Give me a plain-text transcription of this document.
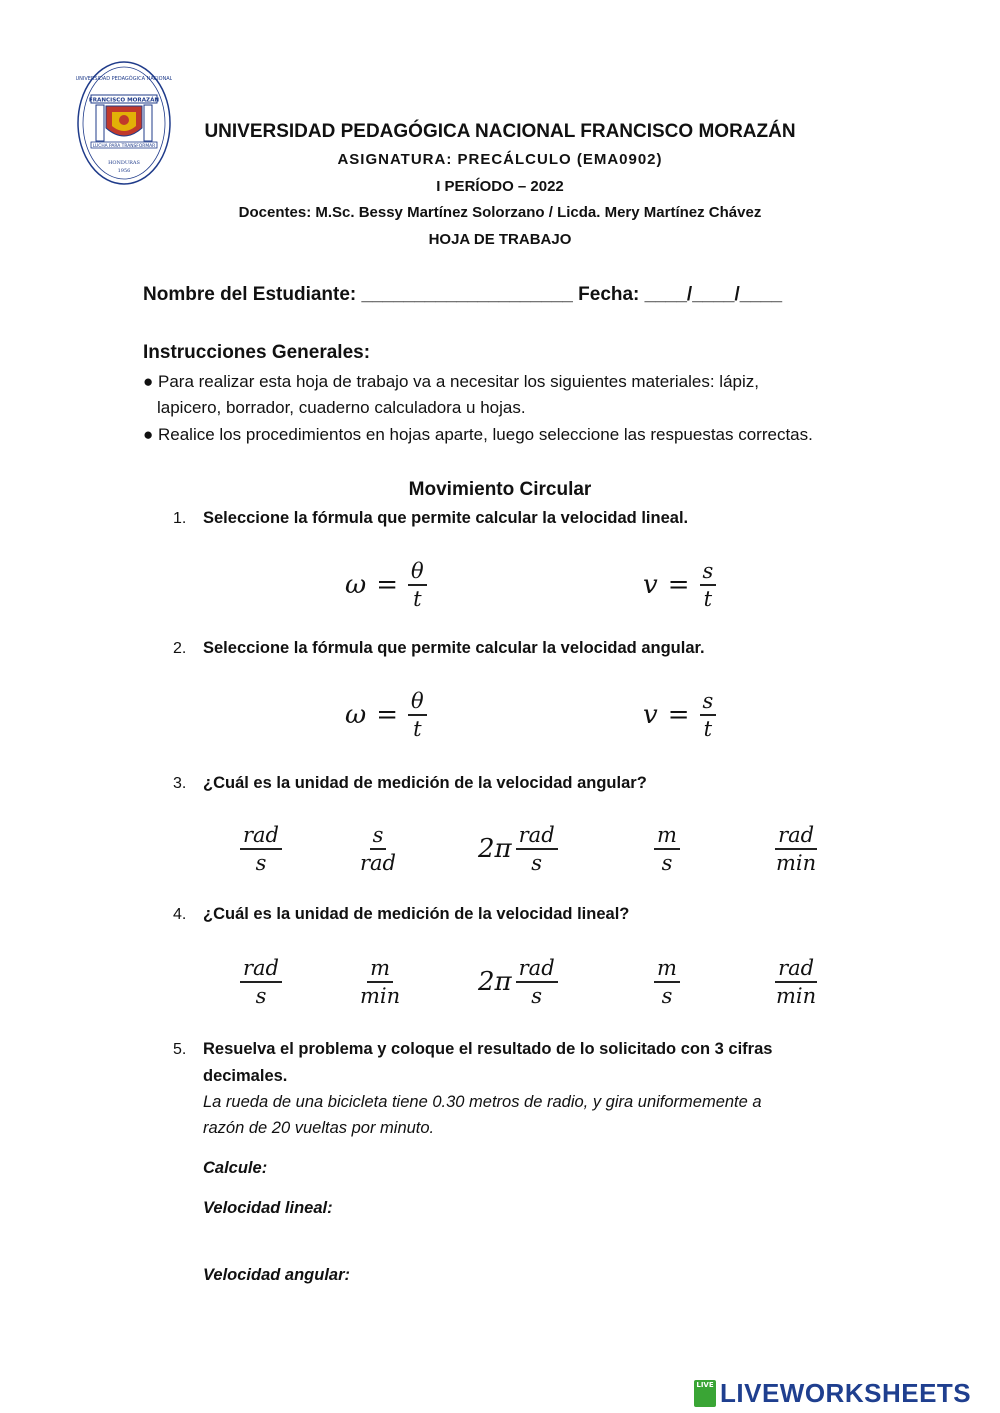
UNIVERSIDAD PEDAGÓGICA NACIONAL
FRANCISCO MORAZÁN
LUCHA PARA TRANSFORMAR
HONDURAS
1956
UNIVERSIDAD PEDAGÓGICA NACIONAL FRANCISCO MORAZÁN
ASIGNATURA: PRECÁLCULO (EMA0902)
I PERÍODO – 2022
Docentes: M.Sc. Bessy Martínez Solorzano / Licda. Mery Martínez Chávez
HOJA DE TRABAJO
Nombre del Estudiante: ____________________ Fecha: ____/____/____
Instrucciones Generales:
● Para realizar esta hoja de trabajo va a necesitar los siguientes materiales: lápiz,
lapicero, borrador, cuaderno calculadora u hojas.
● Realice los procedimientos en hojas aparte, luego seleccione las respuestas correctas.
Movimiento Circular
1. Seleccione la fórmula que permite calcular la velocidad lineal.
$\omega = \frac{\theta}{t}$	$v = \frac{s}{t}$
2. Seleccione la fórmula que permite calcular la velocidad angular.
$\omega = \frac{\theta}{t}$	$v = \frac{s}{t}$
3. ¿Cuál es la unidad de medición de la velocidad angular?
$\frac{\text{rad}}{s}$	$\frac{s}{\text{rad}}$	$2\pi \frac{\text{rad}}{s}$	$\frac{m}{s}$	$\frac{\text{rad}}{\min}$
4. ¿Cuál es la unidad de medición de la velocidad lineal?
$\frac{\text{rad}}{s}$	$\frac{m}{\min}$	$2\pi \frac{\text{rad}}{s}$	$\frac{m}{s}$	$\frac{\text{rad}}{\min}$
5. Resuelva el problema y coloque el resultado de lo solicitado con 3 cifras
decimales.
La rueda de una bicicleta tiene 0.30 metros de radio, y gira uniformemente a
razón de 20 vueltas por minuto.
Calcule:
Velocidad lineal:
Velocidad angular:
LIVE LIVEWORKSHEETS
